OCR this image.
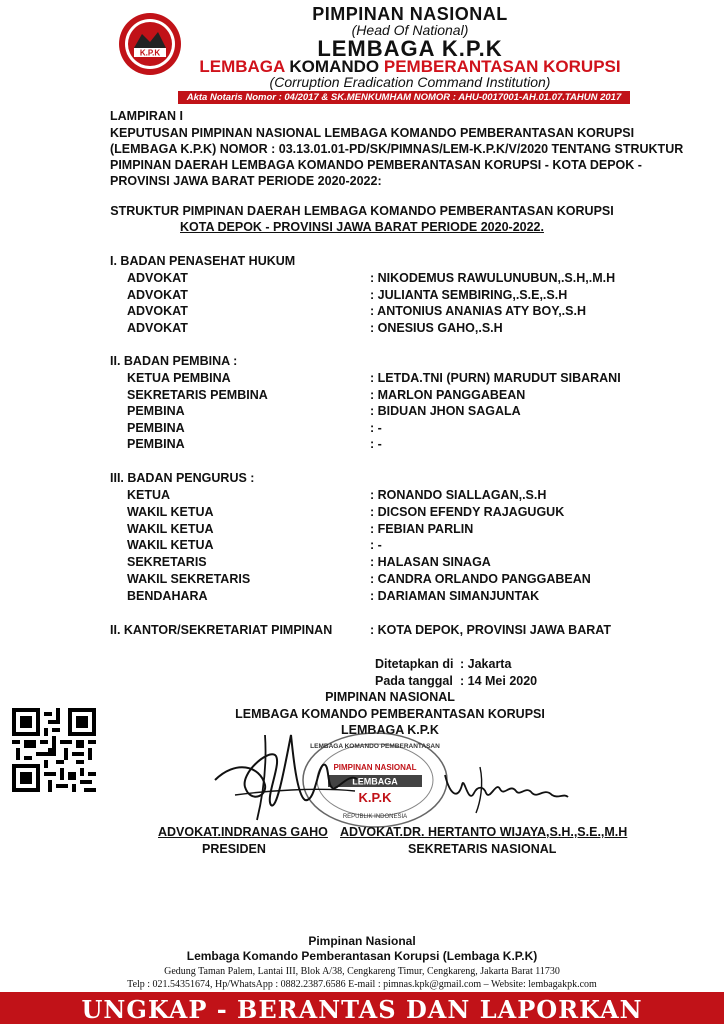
K.P.K
PIMPINAN NASIONAL
(Head Of National)
LEMBAGA K.P.K
LEMBAGA KOMANDO PEMBERANTASAN KORUPSI
(Corruption Eradication Command Institution)
Akta Notaris Nomor : 04/2017 & SK.MENKUMHAM NOMOR : AHU-0017001-AH.01.07.TAHUN 2017
LAMPIRAN I
KEPUTUSAN PIMPINAN NASIONAL LEMBAGA KOMANDO PEMBERANTASAN KORUPSI
(LEMBAGA K.P.K) NOMOR : 03.13.01.01-PD/SK/PIMNAS/LEM-K.P.K/V/2020 TENTANG STRUKTUR
PIMPINAN DAERAH LEMBAGA KOMANDO PEMBERANTASAN KORUPSI - KOTA DEPOK -
PROVINSI JAWA BARAT PERIODE 2020-2022:
STRUKTUR PIMPINAN DAERAH LEMBAGA KOMANDO PEMBERANTASAN KORUPSI
KOTA DEPOK - PROVINSI JAWA BARAT PERIODE 2020-2022.
I. BADAN PENASEHAT HUKUM
ADVOKAT	: NIKODEMUS RAWULUNUBUN,.S.H,.M.H
ADVOKAT	: JULIANTA SEMBIRING,.S.E,.S.H
ADVOKAT	: ANTONIUS ANANIAS ATY BOY,.S.H
ADVOKAT	: ONESIUS GAHO,.S.H
II. BADAN PEMBINA :
KETUA PEMBINA	: LETDA.TNI (PURN) MARUDUT SIBARANI
SEKRETARIS PEMBINA	: MARLON PANGGABEAN
PEMBINA	: BIDUAN JHON SAGALA
PEMBINA	: -
PEMBINA	: -
III. BADAN PENGURUS :
KETUA	: RONANDO SIALLAGAN,.S.H
WAKIL KETUA	: DICSON EFENDY RAJAGUGUK
WAKIL KETUA	: FEBIAN PARLIN
WAKIL KETUA	: -
SEKRETARIS	: HALASAN SINAGA
WAKIL SEKRETARIS	: CANDRA ORLANDO PANGGABEAN
BENDAHARA	: DARIAMAN SIMANJUNTAK
II. KANTOR/SEKRETARIAT PIMPINAN	: KOTA DEPOK, PROVINSI JAWA BARAT
Ditetapkan di : Jakarta
Pada tanggal : 14 Mei 2020
PIMPINAN NASIONAL
LEMBAGA KOMANDO PEMBERANTASAN KORUPSI
LEMBAGA K.P.K
LEMBAGA KOMANDO PEMBERANTASAN
PIMPINAN NASIONAL
LEMBAGA
K.P.K
REPUBLIK INDONESIA
ADVOKAT.INDRANAS GAHO
PRESIDEN
ADVOKAT.DR. HERTANTO WIJAYA,S.H.,S.E.,M.H
SEKRETARIS NASIONAL
Pimpinan Nasional
Lembaga Komando Pemberantasan Korupsi (Lembaga K.P.K)
Gedung Taman Palem, Lantai III, Blok A/38, Cengkareng Timur, Cengkareng, Jakarta Barat 11730
Telp : 021.54351674, Hp/WhatsApp : 0882.2387.6586 E-mail : pimnas.kpk@gmail.com – Website: lembagakpk.com
UNGKAP - BERANTAS DAN LAPORKAN
